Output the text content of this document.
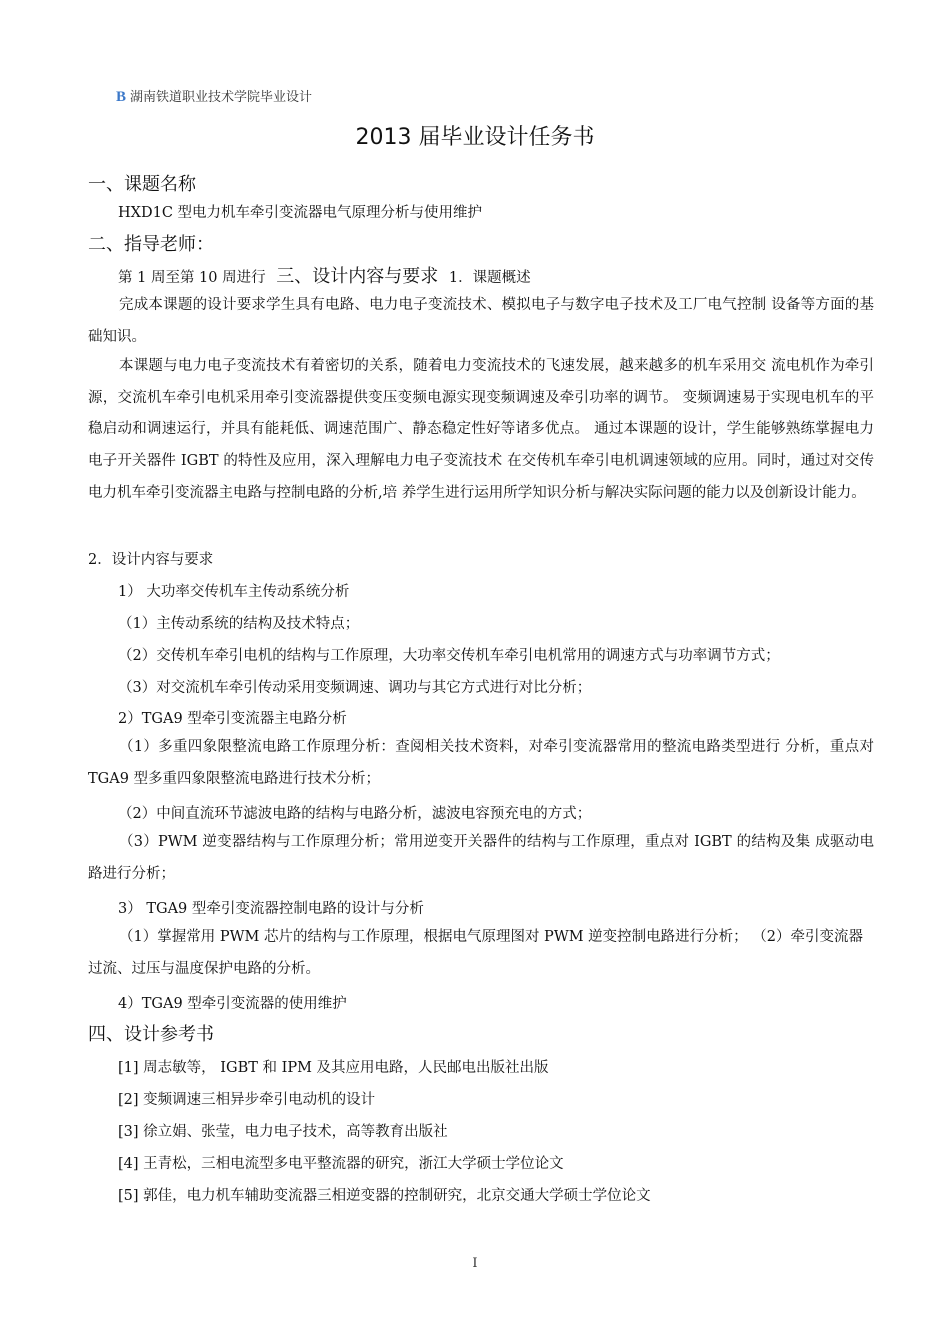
B 湖南铁道职业技术学院毕业设计
2013 届毕业设计任务书
一、课题名称
HXD1C 型电力机车牵引变流器电气原理分析与使用维护
二、指导老师：
第 1 周至第 10 周进行 三、设计内容与要求 1．课题概述

完成本课题的设计要求学生具有电路、电力电子变流技术、模拟电子与数字电子技术及工厂电气控制 设备等方面的基础知识。

本课题与电力电子变流技术有着密切的关系，随着电力变流技术的飞速发展，越来越多的机车采用交 流电机作为牵引源，交流机车牵引电机采用牵引变流器提供变压变频电源实现变频调速及牵引功率的调节。 变频调速易于实现电机车的平稳启动和调速运行，并具有能耗低、调速范围广、静态稳定性好等诸多优点。 通过本课题的设计，学生能够熟练掌握电力电子开关器件 IGBT 的特性及应用，深入理解电力电子变流技术 在交传机车牵引电机调速领域的应用。同时，通过对交传电力机车牵引变流器主电路与控制电路的分析,培 养学生进行运用所学知识分析与解决实际问题的能力以及创新设计能力。

2．设计内容与要求
1） 大功率交传机车主传动系统分析
（1）主传动系统的结构及技术特点；
（2）交传机车牵引电机的结构与工作原理，大功率交传机车牵引电机常用的调速方式与功率调节方式；
（3）对交流机车牵引传动采用变频调速、调功与其它方式进行对比分析；
2）TGA9 型牵引变流器主电路分析

（1）多重四象限整流电路工作原理分析：查阅相关技术资料，对牵引变流器常用的整流电路类型进行 分析，重点对 TGA9 型多重四象限整流电路进行技术分析；

（2）中间直流环节滤波电路的结构与电路分析，滤波电容预充电的方式；

（3）PWM 逆变器结构与工作原理分析；常用逆变开关器件的结构与工作原理，重点对 IGBT 的结构及集 成驱动电路进行分析；

3） TGA9 型牵引变流器控制电路的设计与分析

（1）掌握常用 PWM 芯片的结构与工作原理，根据电气原理图对 PWM 逆变控制电路进行分析； （2）牵引变流器过流、过压与温度保护电路的分析。

4）TGA9 型牵引变流器的使用维护
四、设计参考书
[1] 周志敏等， IGBT 和 IPM 及其应用电路，人民邮电出版社出版
[2] 变频调速三相异步牵引电动机的设计
[3] 徐立娟、张莹，电力电子技术，高等教育出版社
[4] 王青松，三相电流型多电平整流器的研究，浙江大学硕士学位论文
[5] 郭佳，电力机车辅助变流器三相逆变器的控制研究，北京交通大学硕士学位论文
I
